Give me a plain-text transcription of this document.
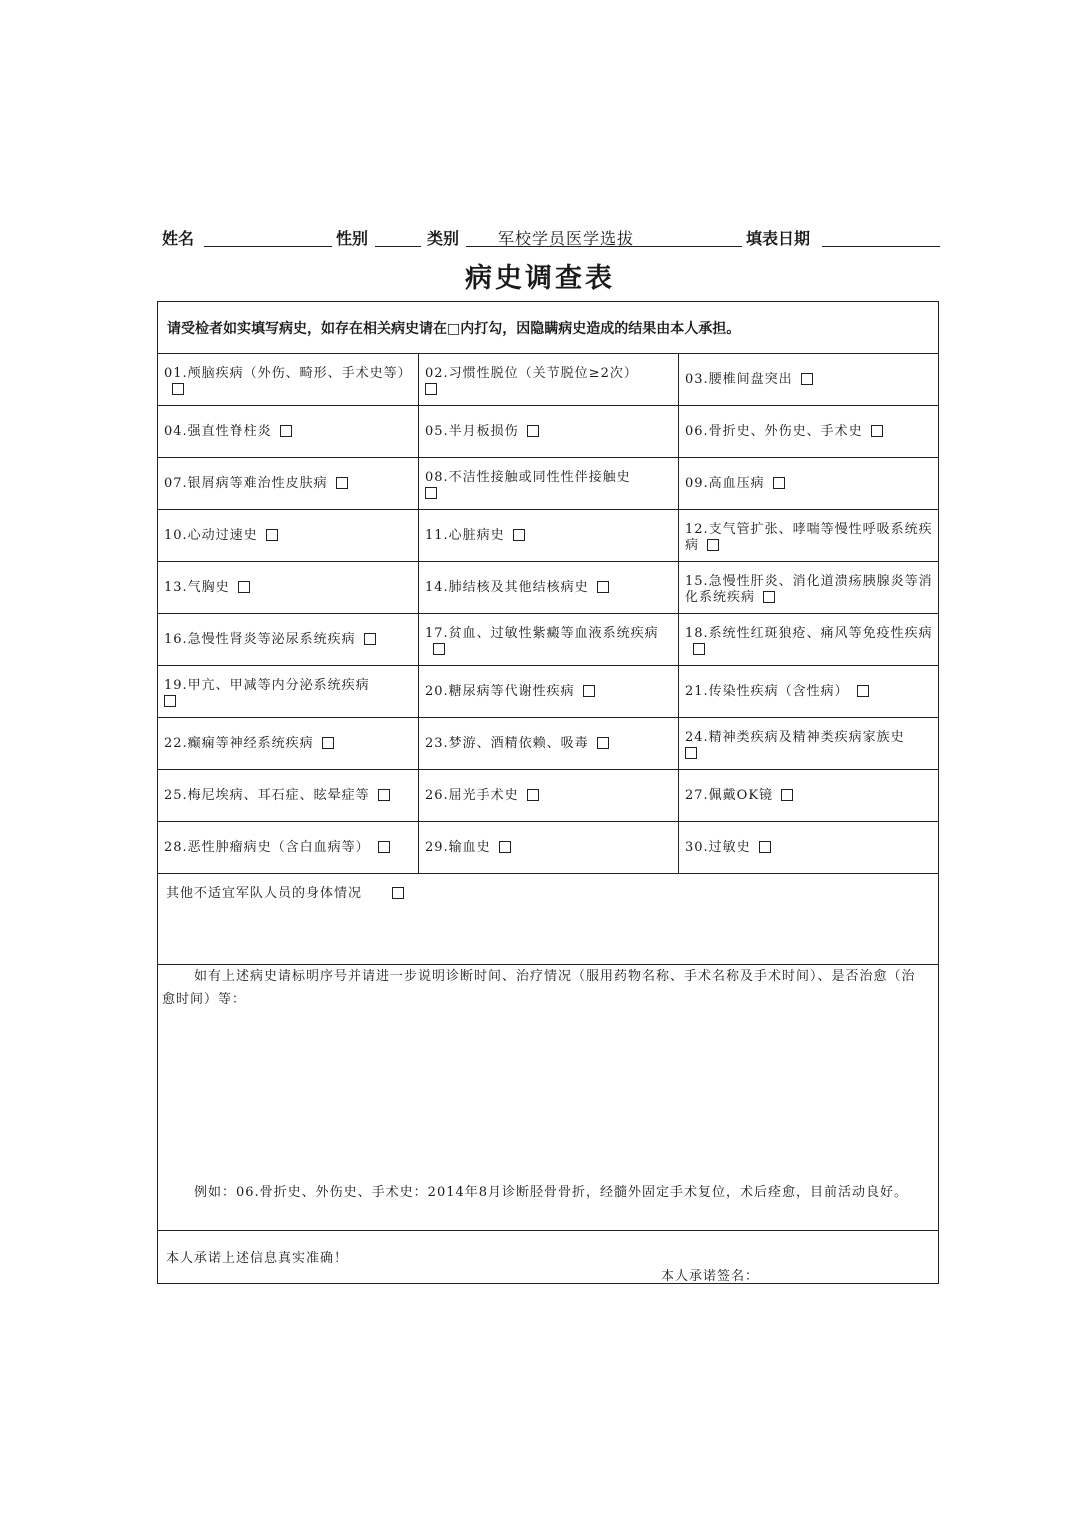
姓名	性别	类别 军校学员医学选拔	填表日期
病史调查表
请受检者如实填写病史，如存在相关病史请在□内打勾，因隐瞒病史造成的结果由本人承担。
01.颅脑疾病（外伤、畸形、手术史等）	02.习惯性脱位（关节脱位≥2次）	03.腰椎间盘突出
04.强直性脊柱炎	05.半月板损伤	06.骨折史、外伤史、手术史
07.银屑病等难治性皮肤病	08.不洁性接触或同性性伴接触史	09.高血压病
10.心动过速史	11.心脏病史	12.支气管扩张、哮喘等慢性呼吸系统疾病
13.气胸史	14.肺结核及其他结核病史	15.急慢性肝炎、消化道溃疡胰腺炎等消化系统疾病
16.急慢性肾炎等泌尿系统疾病	17.贫血、过敏性紫癜等血液系统疾病	18.系统性红斑狼疮、痛风等免疫性疾病
19.甲亢、甲减等内分泌系统疾病	20.糖尿病等代谢性疾病	21.传染性疾病（含性病）
22.癫痫等神经系统疾病	23.梦游、酒精依赖、吸毒	24.精神类疾病及精神类疾病家族史

25.梅尼埃病、耳石症、眩晕症等	26.屈光手术史	27.佩戴OK镜
28.恶性肿瘤病史（含白血病等）	29.输血史	30.过敏史
其他不适宜军队人员的身体情况
如有上述病史请标明序号并请进一步说明诊断时间、治疗情况（服用药物名称、手术名称及手术时间）、是否治愈（治愈时间）等：
例如：06.骨折史、外伤史、手术史：2014年8月诊断胫骨骨折，经髓外固定手术复位，术后痊愈，目前活动良好。
本人承诺上述信息真实准确！
本人承诺签名：
